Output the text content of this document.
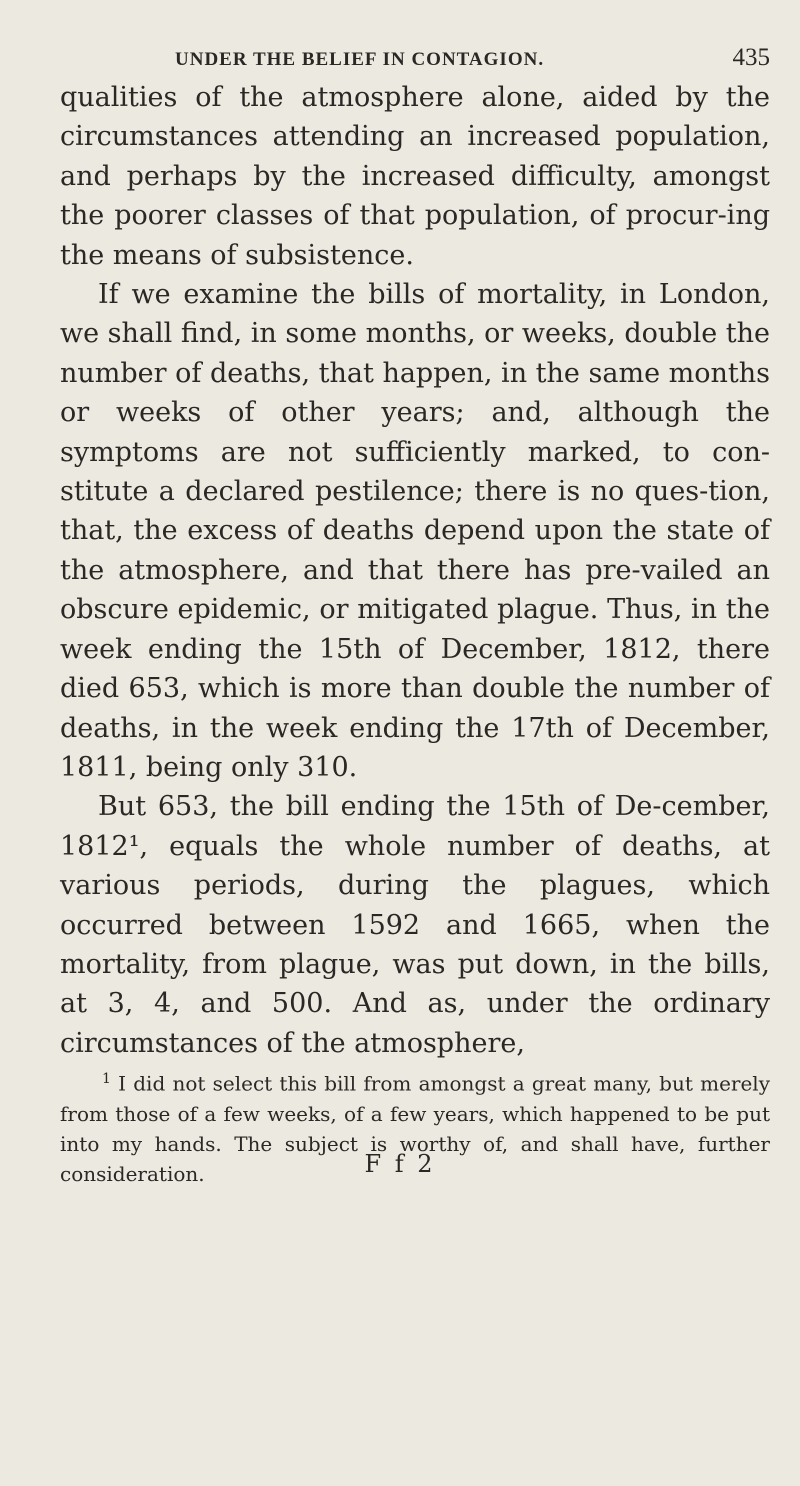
UNDER THE BELIEF IN CONTAGION.	435

qualities of the atmosphere alone, aided by the circumstances attending an increased population, and perhaps by the increased difficulty, amongst the poorer classes of that population, of procur-ing the means of subsistence.

If we examine the bills of mortality, in London, we shall find, in some months, or weeks, double the number of deaths, that happen, in the same months or weeks of other years; and, although the symptoms are not sufficiently marked, to con-stitute a declared pestilence; there is no ques-tion, that, the excess of deaths depend upon the state of the atmosphere, and that there has pre-vailed an obscure epidemic, or mitigated plague. Thus, in the week ending the 15th of December, 1812, there died 653, which is more than double the number of deaths, in the week ending the 17th of December, 1811, being only 310.

But 653, the bill ending the 15th of De-cember, 1812¹, equals the whole number of deaths, at various periods, during the plagues, which occurred between 1592 and 1665, when the mortality, from plague, was put down, in the bills, at 3, 4, and 500. And as, under the ordinary circumstances of the atmosphere,

$^1$ I did not select this bill from amongst a great many, but merely from those of a few weeks, of a few years, which happened to be put into my hands. The subject is worthy of, and shall have, further consideration.	F f 2
